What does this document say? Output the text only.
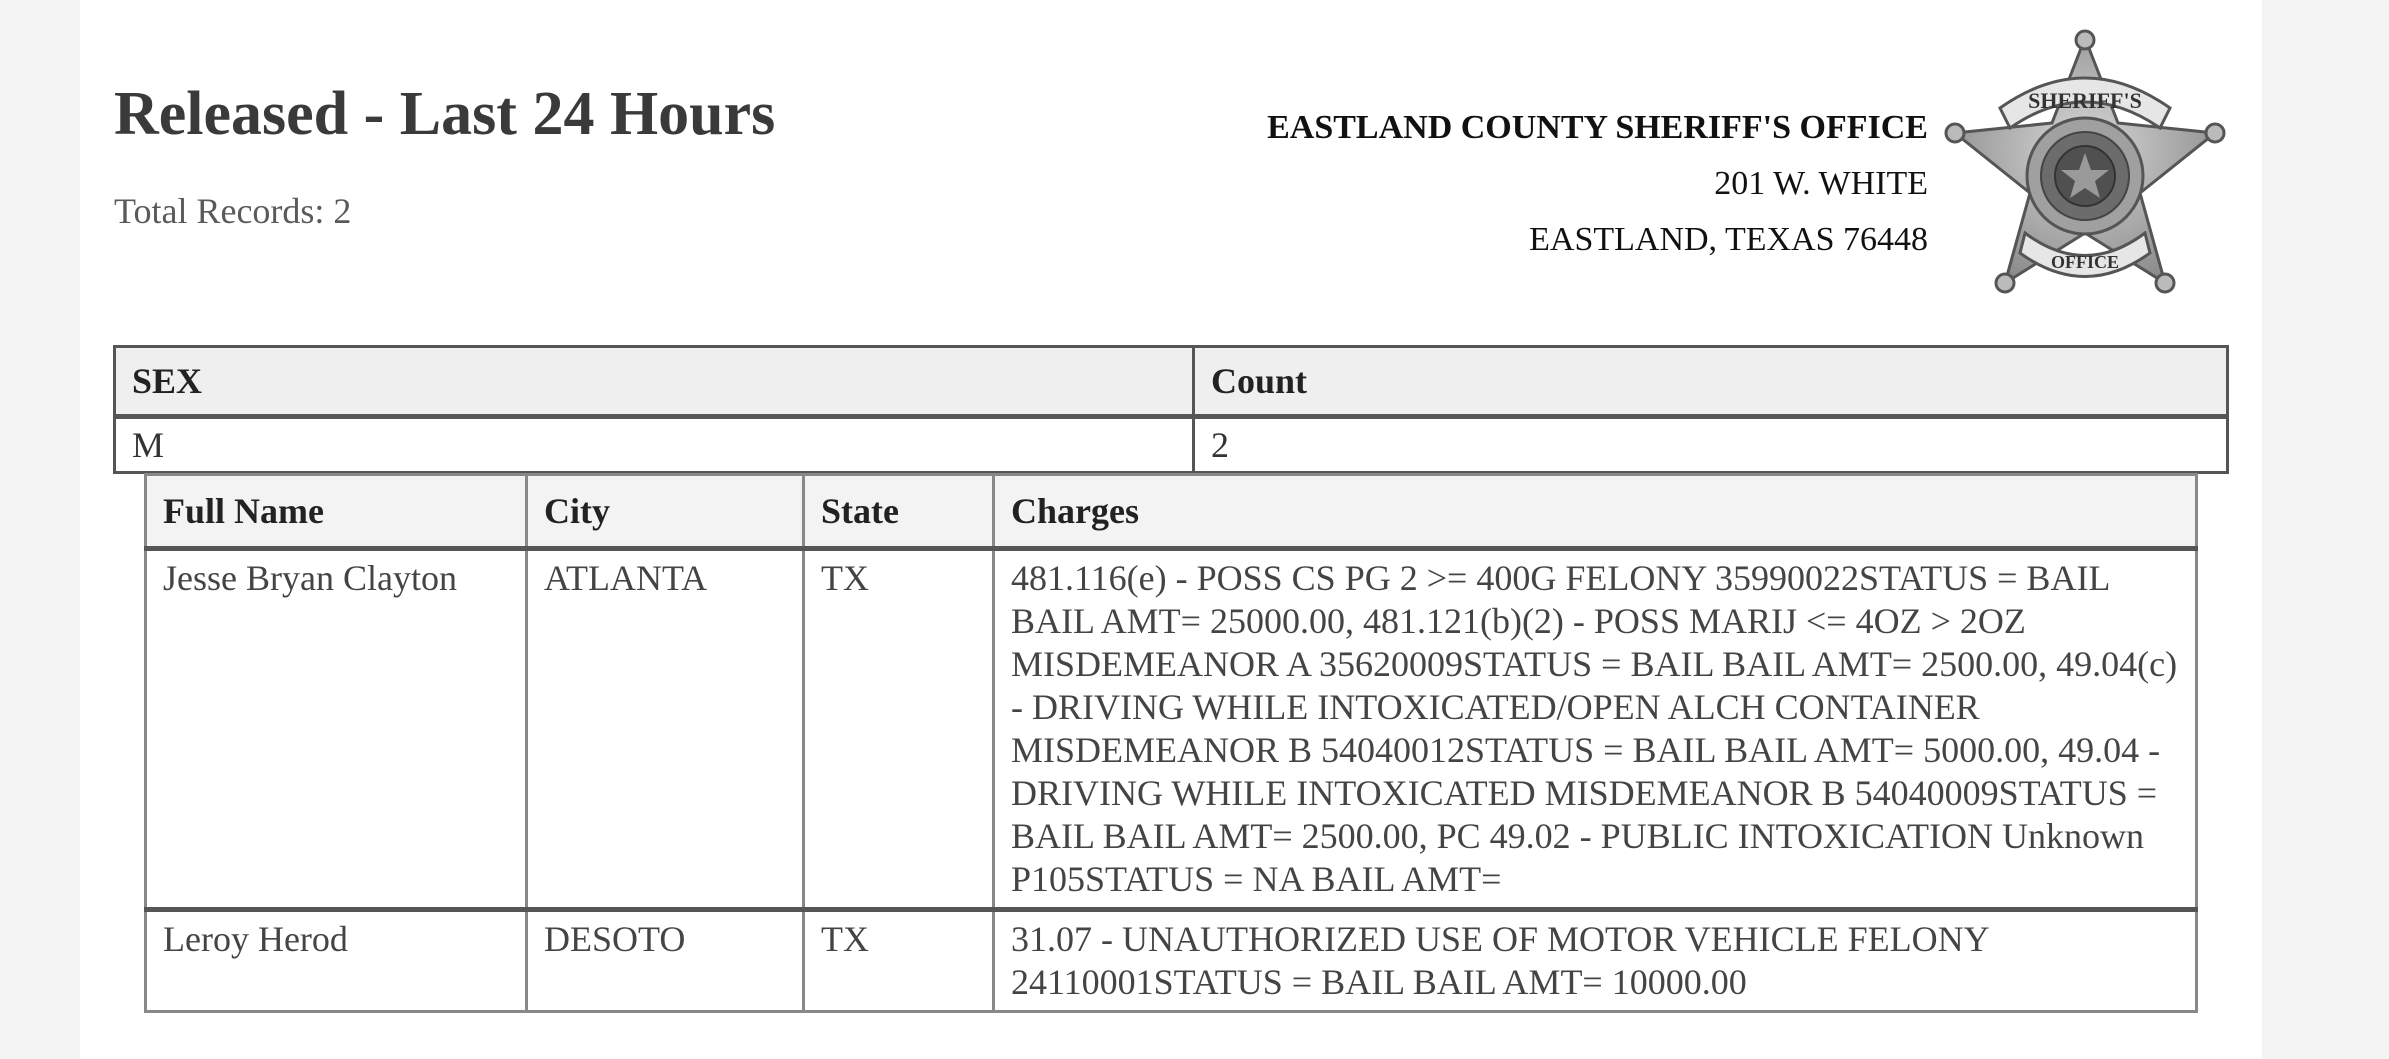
Released - Last 24 Hours
Total Records: 2
EASTLAND COUNTY SHERIFF'S OFFICE
201 W. WHITE
EASTLAND, TEXAS 76448
SHERIFF'S
OFFICE
SEX	Count
M	2
Full Name	City	State	Charges
Jesse Bryan Clayton	ATLANTA	TX	481.116(e) - POSS CS PG 2 >= 400G FELONY 35990022STATUS = BAIL BAIL AMT= 25000.00, 481.121(b)(2) - POSS MARIJ <= 4OZ > 2OZ MISDEMEANOR A 35620009STATUS = BAIL BAIL AMT= 2500.00, 49.04(c) - DRIVING WHILE INTOXICATED/OPEN ALCH CONTAINER MISDEMEANOR B 54040012STATUS = BAIL BAIL AMT= 5000.00, 49.04 - DRIVING WHILE INTOXICATED MISDEMEANOR B 54040009STATUS = BAIL BAIL AMT= 2500.00, PC 49.02 - PUBLIC INTOXICATION Unknown P105STATUS = NA BAIL AMT=
Leroy Herod	DESOTO	TX	31.07 - UNAUTHORIZED USE OF MOTOR VEHICLE FELONY 24110001STATUS = BAIL BAIL AMT= 10000.00
